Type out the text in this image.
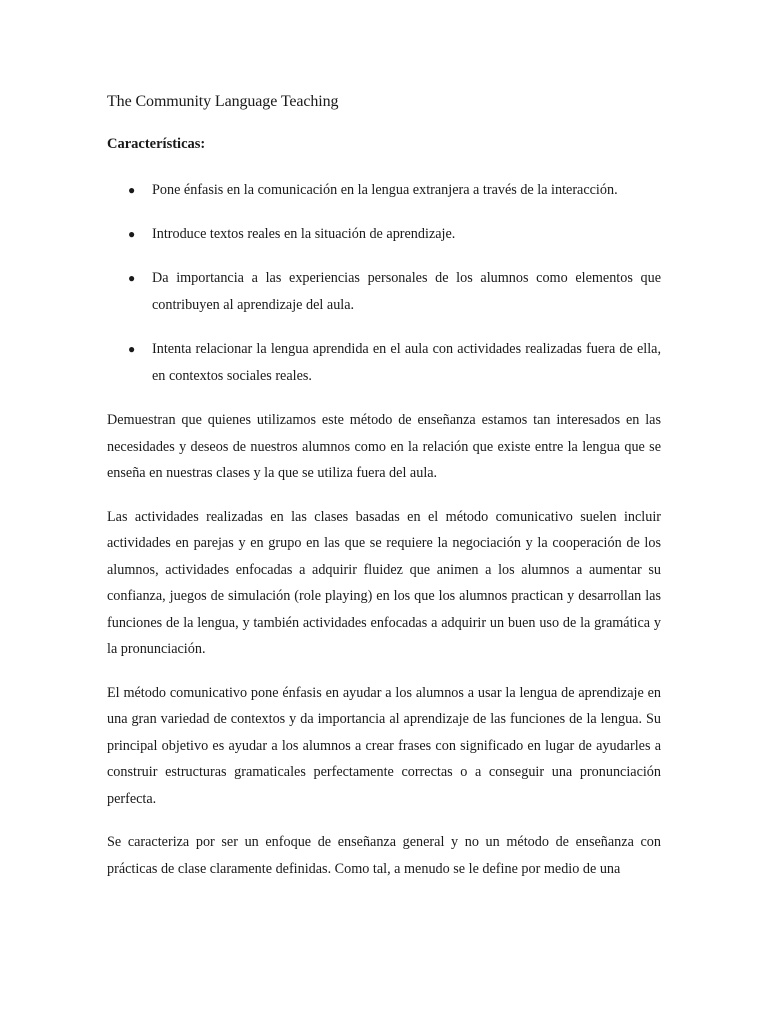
The Community Language Teaching
Características:
● Pone énfasis en la comunicación en la lengua extranjera a través de la interacción.
● Introduce textos reales en la situación de aprendizaje.
● Da importancia a las experiencias personales de los alumnos como elementos que contribuyen al aprendizaje del aula.
● Intenta relacionar la lengua aprendida en el aula con actividades realizadas fuera de ella, en contextos sociales reales.

Demuestran que quienes utilizamos este método de enseñanza estamos tan interesados en las necesidades y deseos de nuestros alumnos como en la relación que existe entre la lengua que se enseña en nuestras clases y la que se utiliza fuera del aula.

Las actividades realizadas en las clases basadas en el método comunicativo suelen incluir actividades en parejas y en grupo en las que se requiere la negociación y la cooperación de los alumnos, actividades enfocadas a adquirir fluidez que animen a los alumnos a aumentar su confianza, juegos de simulación (role playing) en los que los alumnos practican y desarrollan las funciones de la lengua, y también actividades enfocadas a adquirir un buen uso de la gramática y la pronunciación.

El método comunicativo pone énfasis en ayudar a los alumnos a usar la lengua de aprendizaje en una gran variedad de contextos y da importancia al aprendizaje de las funciones de la lengua. Su principal objetivo es ayudar a los alumnos a crear frases con significado en lugar de ayudarles a construir estructuras gramaticales perfectamente correctas o a conseguir una pronunciación perfecta.

Se caracteriza por ser un enfoque de enseñanza general y no un método de enseñanza con prácticas de clase claramente definidas. Como tal, a menudo se le define por medio de una
